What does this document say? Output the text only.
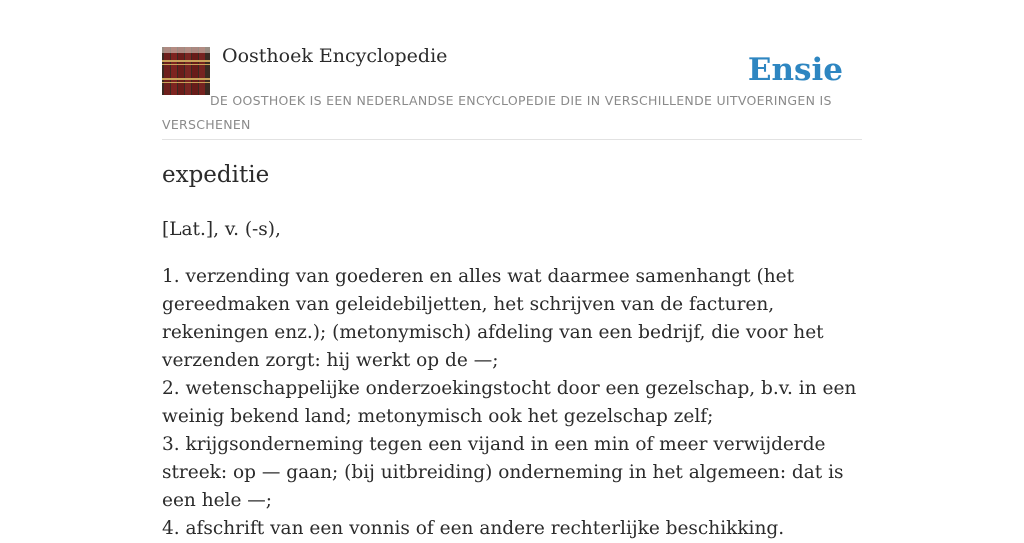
Oosthoek Encyclopedie	Ensie
DE OOSTHOEK IS EEN NEDERLANDSE ENCYCLOPEDIE DIE IN VERSCHILLENDE UITVOERINGEN IS VERSCHENEN
expeditie
[Lat.], v. (-s),
1. verzending van goederen en alles wat daarmee samenhangt (het gereedmaken van geleidebiljetten, het schrijven van de facturen, rekeningen enz.); (metonymisch) afdeling van een bedrijf, die voor het verzenden zorgt: hij werkt op de —;
2. wetenschappelijke onderzoekingstocht door een gezelschap, b.v. in een weinig bekend land; metonymisch ook het gezelschap zelf;
3. krijgsonderneming tegen een vijand in een min of meer verwijderde streek: op — gaan; (bij uitbreiding) onderneming in het algemeen: dat is een hele —;
4. afschrift van een vonnis of een andere rechterlijke beschikking.
